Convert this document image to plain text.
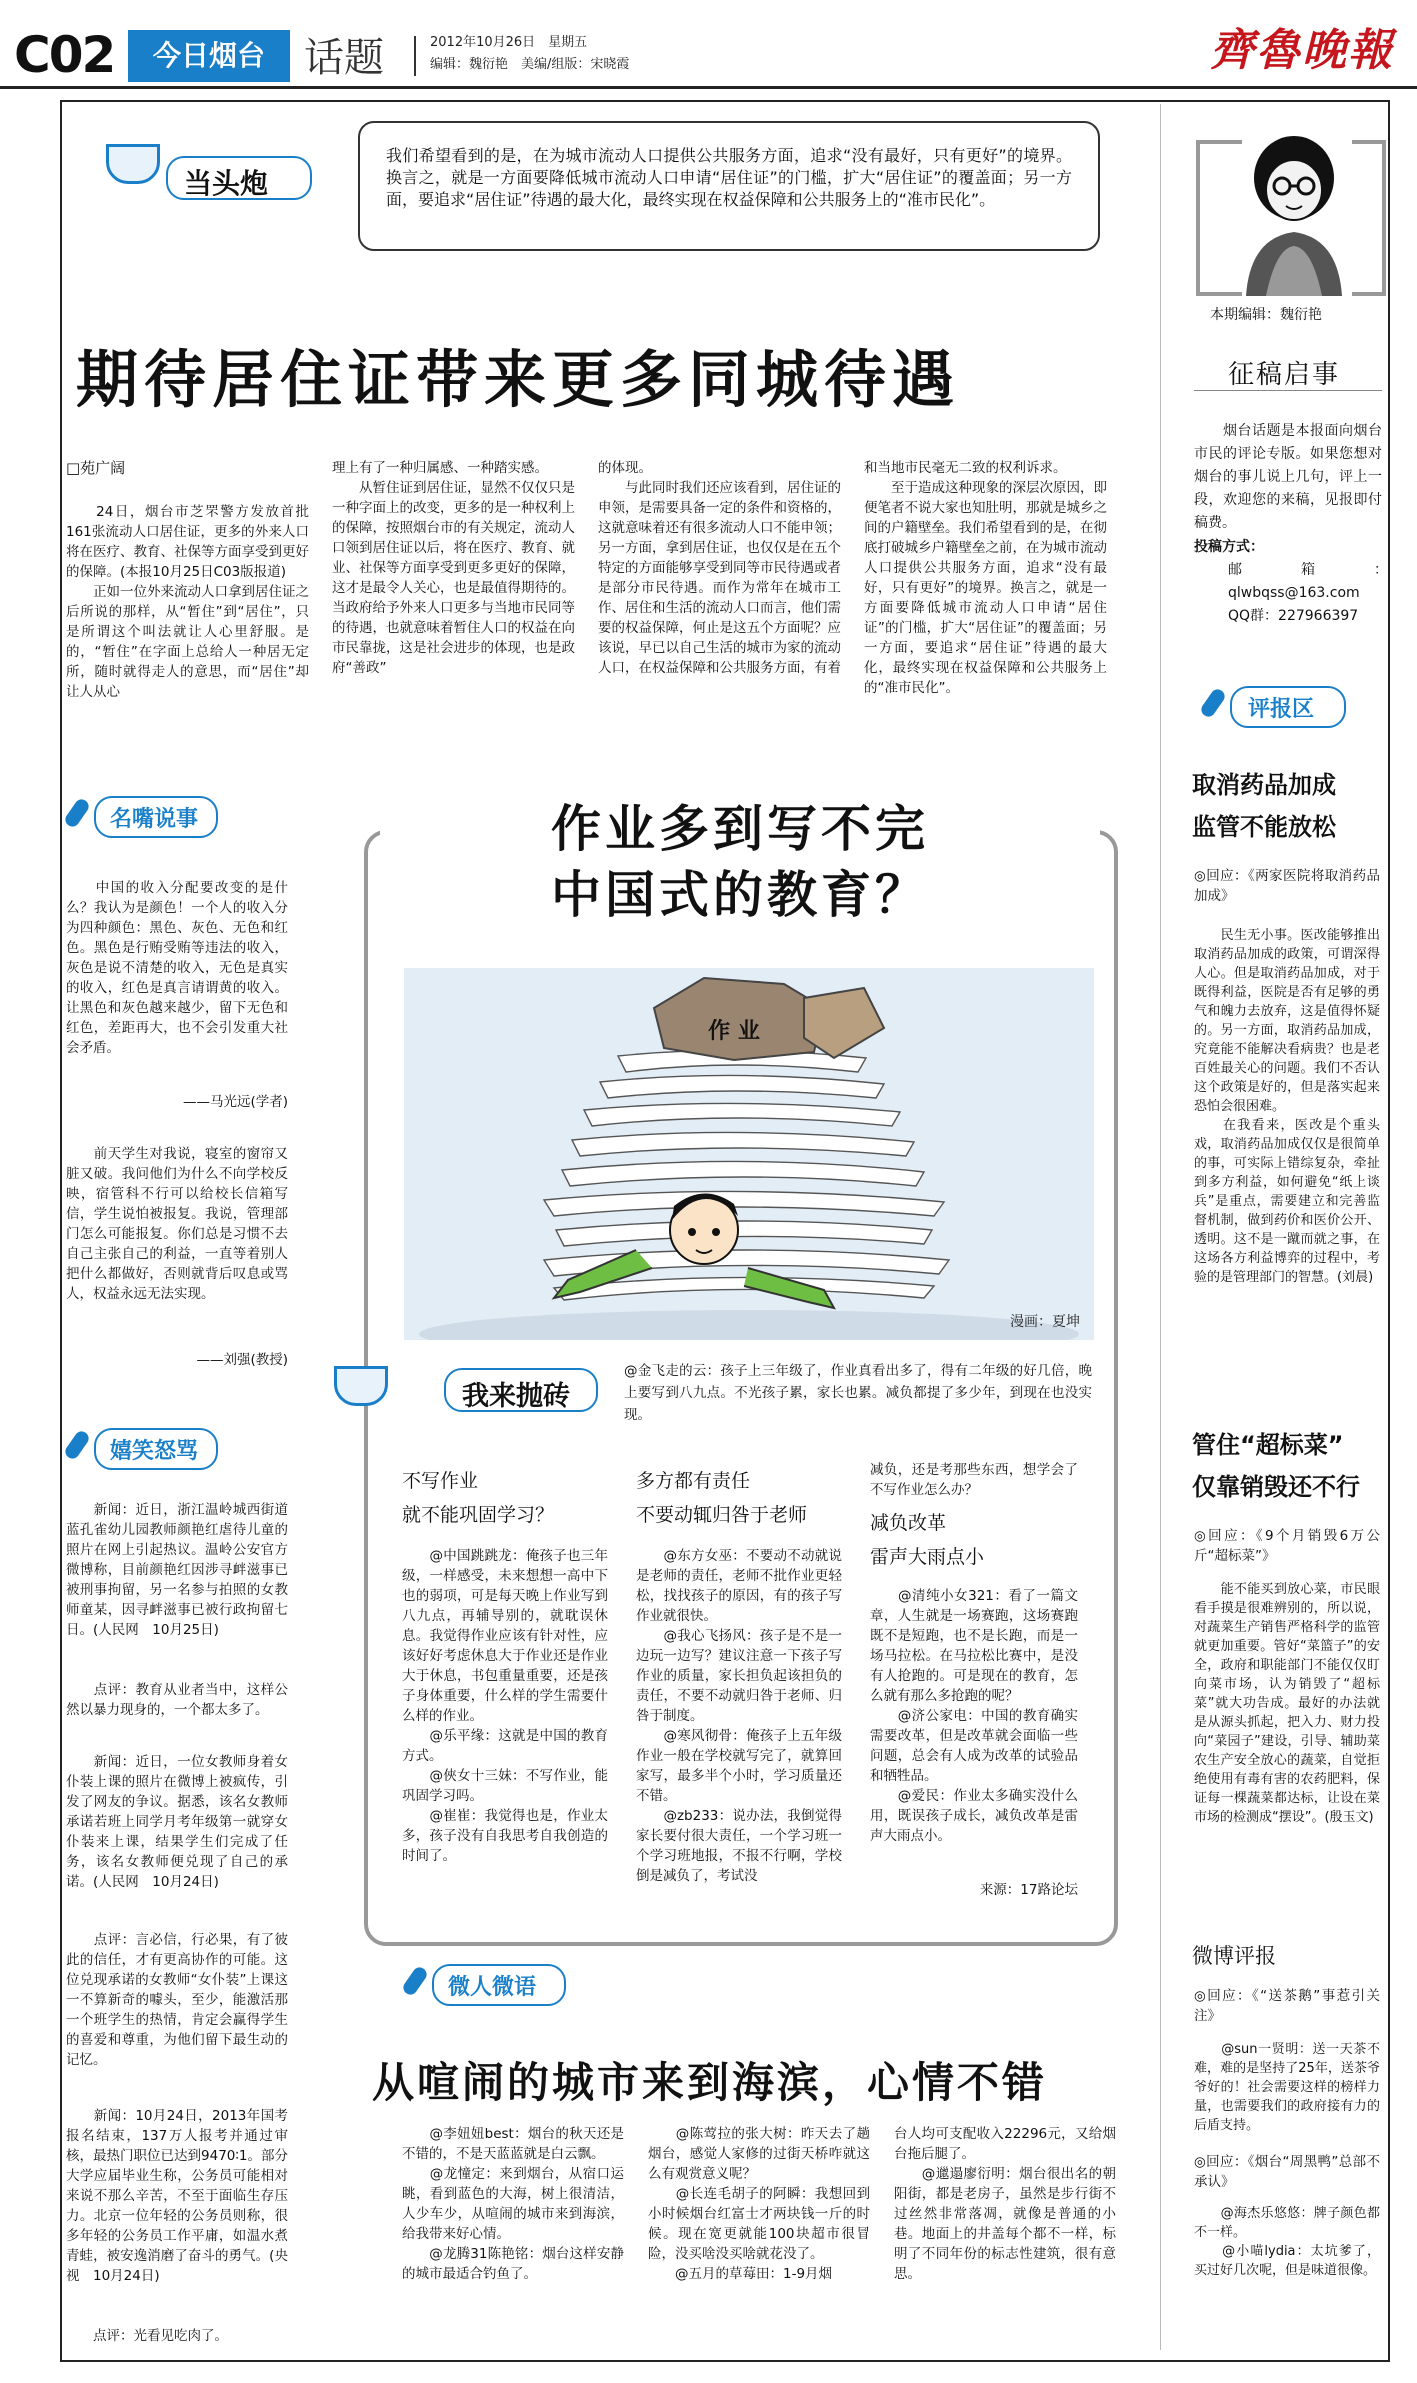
C02	今日烟台 话题	2012年10月26日　星期五
编辑：魏衍艳　美编/组版：宋晓霞	齊魯晚報
当头炮
我们希望看到的是，在为城市流动人口提供公共服务方面，追求“没有最好，只有更好”的境界。换言之，就是一方面要降低城市流动人口申请“居住证”的门槛，扩大“居住证”的覆盖面；另一方面，要追求“居住证”待遇的最大化，最终实现在权益保障和公共服务上的“准市民化”。
期待居住证带来更多同城待遇
□苑广阔
　　24日，烟台市芝罘警方发放首批161张流动人口居住证，更多的外来人口将在医疗、教育、社保等方面享受到更好的保障。(本报10月25日C03版报道)
　　正如一位外来流动人口拿到居住证之后所说的那样，从“暂住”到“居住”，只是所谓这个叫法就让人心里舒服。是的，“暂住”在字面上总给人一种居无定所，随时就得走人的意思，而“居住”却让人从心
理上有了一种归属感、一种踏实感。
　　从暂住证到居住证，显然不仅仅只是一种字面上的改变，更多的是一种权利上的保障，按照烟台市的有关规定，流动人口领到居住证以后，将在医疗、教育、就业、社保等方面享受到更多更好的保障，这才是最令人关心，也是最值得期待的。当政府给予外来人口更多与当地市民同等的待遇，也就意味着暂住人口的权益在向市民靠拢，这是社会进步的体现，也是政府“善政”
的体现。
　　与此同时我们还应该看到，居住证的申领，是需要具备一定的条件和资格的，这就意味着还有很多流动人口不能申领；另一方面，拿到居住证，也仅仅是在五个特定的方面能够享受到同等市民待遇或者是部分市民待遇。而作为常年在城市工作、居住和生活的流动人口而言，他们需要的权益保障，何止是这五个方面呢？应该说，早已以自己生活的城市为家的流动人口，在权益保障和公共服务方面，有着
和当地市民毫无二致的权利诉求。
　　至于造成这种现象的深层次原因，即便笔者不说大家也知肚明，那就是城乡之间的户籍壁垒。我们希望看到的是，在彻底打破城乡户籍壁垒之前，在为城市流动人口提供公共服务方面，追求“没有最好，只有更好”的境界。换言之，就是一方面要降低城市流动人口申请“居住证”的门槛，扩大“居住证”的覆盖面；另一方面，要追求“居住证”待遇的最大化，最终实现在权益保障和公共服务上的“准市民化”。
本期编辑：魏衍艳
征稿启事
　　烟台话题是本报面向烟台市民的评论专版。如果您想对烟台的事儿说上几句，评上一段，欢迎您的来稿，见报即付稿费。
投稿方式：
邮箱：qlwbqss@163.com
QQ群：227966397
评报区
取消药品加成
监管不能放松
◎回应：《两家医院将取消药品加成》
　　民生无小事。医改能够推出取消药品加成的政策，可谓深得人心。但是取消药品加成，对于既得利益，医院是否有足够的勇气和魄力去放弃，这是值得怀疑的。另一方面，取消药品加成，究竟能不能解决看病贵？也是老百姓最关心的问题。我们不否认这个政策是好的，但是落实起来恐怕会很困难。
　　在我看来，医改是个重头戏，取消药品加成仅仅是很简单的事，可实际上错综复杂，牵扯到多方利益，如何避免“纸上谈兵”是重点，需要建立和完善监督机制，做到药价和医价公开、透明。这不是一蹴而就之事，在这场各方利益博弈的过程中，考验的是管理部门的智慧。(刘晨)
管住“超标菜”
仅靠销毁还不行
◎回应：《9个月销毁6万公斤“超标菜”》
　　能不能买到放心菜，市民眼看手摸是很难辨别的，所以说，对蔬菜生产销售严格科学的监管就更加重要。管好“菜篮子”的安全，政府和职能部门不能仅仅盯向菜市场，认为销毁了“超标菜”就大功告成。最好的办法就是从源头抓起，把入力、财力投向“菜园子”建设，引导、辅助菜农生产安全放心的蔬菜，自觉拒绝使用有毒有害的农药肥料，保证每一棵蔬菜都达标，让设在菜市场的检测成“摆设”。(殷玉文)
微博评报
◎回应：《“送茶鹅”事惹引关注》
　　@sun一贤明：送一天茶不难，难的是坚持了25年，送茶爷爷好的！社会需要这样的榜样力量，也需要我们的政府接有力的后盾支持。
◎回应：《烟台“周黑鸭”总部不承认》
　　@海杰乐悠悠：牌子颜色都不一样。
　　@小喵lydia：太坑爹了，买过好几次呢，但是味道很像。
名嘴说事
　　中国的收入分配要改变的是什么？我认为是颜色！一个人的收入分为四种颜色：黑色、灰色、无色和红色。黑色是行贿受贿等违法的收入，灰色是说不清楚的收入，无色是真实的收入，红色是真言请谓黄的收入。让黑色和灰色越来越少，留下无色和红色，差距再大，也不会引发重大社会矛盾。
——马光远(学者)
　　前天学生对我说，寝室的窗帘又脏又破。我问他们为什么不向学校反映，宿管科不行可以给校长信箱写信，学生说怕被报复。我说，管理部门怎么可能报复。你们总是习惯不去自己主张自己的利益，一直等着别人把什么都做好，否则就背后叹息或骂人，权益永远无法实现。
——刘强(教授)
嬉笑怒骂
　　新闻：近日，浙江温岭城西街道蓝孔雀幼儿园教师颜艳红虐待儿童的照片在网上引起热议。温岭公安官方微博称，目前颜艳红因涉寻衅滋事已被刑事拘留，另一名参与拍照的女教师童某，因寻衅滋事已被行政拘留七日。(人民网　10月25日)
　　点评：教育从业者当中，这样公然以暴力现身的，一个都太多了。
　　新闻：近日，一位女教师身着女仆装上课的照片在微博上被疯传，引发了网友的争议。据悉，该名女教师承诺若班上同学月考年级第一就穿女仆装来上课，结果学生们完成了任务，该名女教师便兑现了自己的承诺。(人民网　10月24日)
　　点评：言必信，行必果，有了彼此的信任，才有更高协作的可能。这位兑现承诺的女教师“女仆装”上课这一不算新奇的噱头，至少，能激活那一个班学生的热情，肯定会赢得学生的喜爱和尊重，为他们留下最生动的记忆。
　　新闻：10月24日，2013年国考报名结束，137万人报考并通过审核，最热门职位已达到9470∶1。部分大学应届毕业生称，公务员可能相对来说不那么辛苦，不至于面临生存压力。北京一位年轻的公务员则称，很多年轻的公务员工作平庸，如温水煮青蛙，被安逸消磨了奋斗的勇气。(央视　10月24日)
　　点评：光看见吃肉了。
作业多到写不完
中国式的教育？
作 业
漫画：夏坤
我来抛砖
@金飞走的云：孩子上三年级了，作业真看出多了，得有二年级的好几倍，晚上要写到八九点。不光孩子累，家长也累。减负都提了多少年，到现在也没实现。
不写作业
就不能巩固学习？
　　@中国跳跳龙：俺孩子也三年级，一样感受，未来想想一高中下也的弱项，可是每天晚上作业写到八九点，再辅导别的，就耽误休息。我觉得作业应该有针对性，应该好好考虑休息大于作业还是作业大于休息，书包重量重要，还是孩子身体重要，什么样的学生需要什么样的作业。
　　@乐平缘：这就是中国的教育方式。
　　@俠女十三妹：不写作业，能巩固学习吗。
　　@崔崔：我觉得也是，作业太多，孩子没有自我思考自我创造的时间了。
多方都有责任
不要动辄归咎于老师
　　@东方女巫：不要动不动就说是老师的责任，老师不批作业更轻松，找找孩子的原因，有的孩子写作业就很快。
　　@我心飞扬风：孩子是不是一边玩一边写？建议注意一下孩子写作业的质量，家长担负起该担负的责任，不要不动就归咎于老师、归咎于制度。
　　@寒风彻骨：俺孩子上五年级作业一般在学校就写完了，就算回家写，最多半个小时，学习质量还不错。
　　@zb233：说办法，我倒觉得家长要付很大责任，一个学习班一个学习班地报，不报不行啊，学校倒是减负了，考试没
减负，还是考那些东西，想学会了不写作业怎么办？
减负改革
雷声大雨点小
　　@清纯小女321：看了一篇文章，人生就是一场赛跑，这场赛跑既不是短跑，也不是长跑，而是一场马拉松。在马拉松比赛中，是没有人抢跑的。可是现在的教育，怎么就有那么多抢跑的呢？
　　@济公家电：中国的教育确实需要改革，但是改革就会面临一些问题，总会有人成为改革的试验品和牺牲品。
　　@爱民：作业太多确实没什么用，既误孩子成长，减负改革是雷声大雨点小。
来源：17路论坛
微人微语
从喧闹的城市来到海滨，心情不错
　　@李妞妞best：烟台的秋天还是不错的，不是天蓝蓝就是白云飘。
　　@龙憧定：来到烟台，从宿口运眺，看到蓝色的大海，树上很清洁，人少车少，从喧闹的城市来到海滨，给我带来好心情。
　　@龙腾31陈艳铭：烟台这样安静的城市最适合钓鱼了。
　　@陈莺拉的张大树：昨天去了趟烟台，感觉人家修的过街天桥咋就这么有观赏意义呢？
　　@长连毛胡子的阿瞬：我想回到小时候烟台红富士才两块钱一斤的时候。现在宽更就能100块超市很冒险，没买啥没买啥就花没了。
　　@五月的草莓田：1-9月烟
台人均可支配收入22296元，又给烟台拖后腿了。
　　@邋遢廖衍明：烟台很出名的朝阳街，都是老房子，虽然是步行街不过丝然非常落凋，就像是普通的小巷。地面上的井盖每个都不一样，标明了不同年份的标志性建筑，很有意思。
